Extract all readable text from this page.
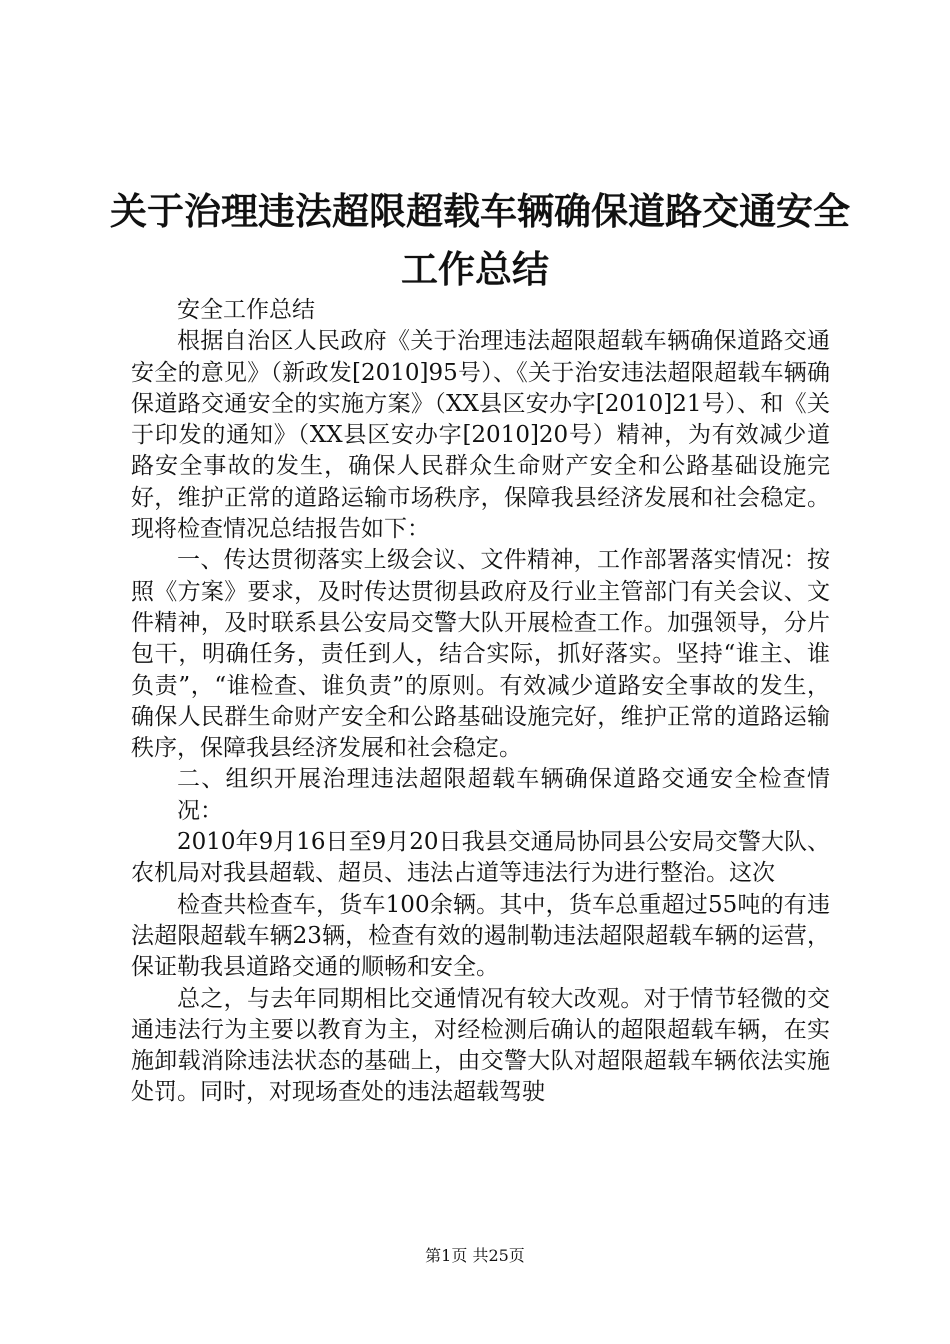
关于治理违法超限超载车辆确保道路交通安全
工作总结

安全工作总结

根据自治区人民政府《关于治理违法超限超载车辆确保道路交通安全的意见》（新政发[2010]95号）、《关于治安违法超限超载车辆确保道路交通安全的实施方案》（XX县区安办字[2010]21号）、和《关于印发的通知》（XX县区安办字[2010]20号）精神，为有效减少道路安全事故的发生，确保人民群众生命财产安全和公路基础设施完好，维护正常的道路运输市场秩序，保障我县经济发展和社会稳定。现将检查情况总结报告如下：

一、传达贯彻落实上级会议、文件精神，工作部署落实情况：按照《方案》要求，及时传达贯彻县政府及行业主管部门有关会议、文件精神，及时联系县公安局交警大队开展检查工作。加强领导，分片包干，明确任务，责任到人，结合实际，抓好落实。坚持“谁主、谁负责”，“谁检查、谁负责”的原则。有效减少道路安全事故的发生，确保人民群生命财产安全和公路基础设施完好，维护正常的道路运输秩序，保障我县经济发展和社会稳定。

二、组织开展治理违法超限超载车辆确保道路交通安全检查情况：

2010年9月16日至9月20日我县交通局协同县公安局交警大队、农机局对我县超载、超员、违法占道等违法行为进行整治。这次

检查共检查车，货车100余辆。其中，货车总重超过55吨的有违法超限超载车辆23辆，检查有效的遏制勒违法超限超载车辆的运营，保证勒我县道路交通的顺畅和安全。

总之，与去年同期相比交通情况有较大改观。对于情节轻微的交通违法行为主要以教育为主，对经检测后确认的超限超载车辆，在实施卸载消除违法状态的基础上，由交警大队对超限超载车辆依法实施处罚。同时，对现场查处的违法超载驾驶

第1页 共25页
